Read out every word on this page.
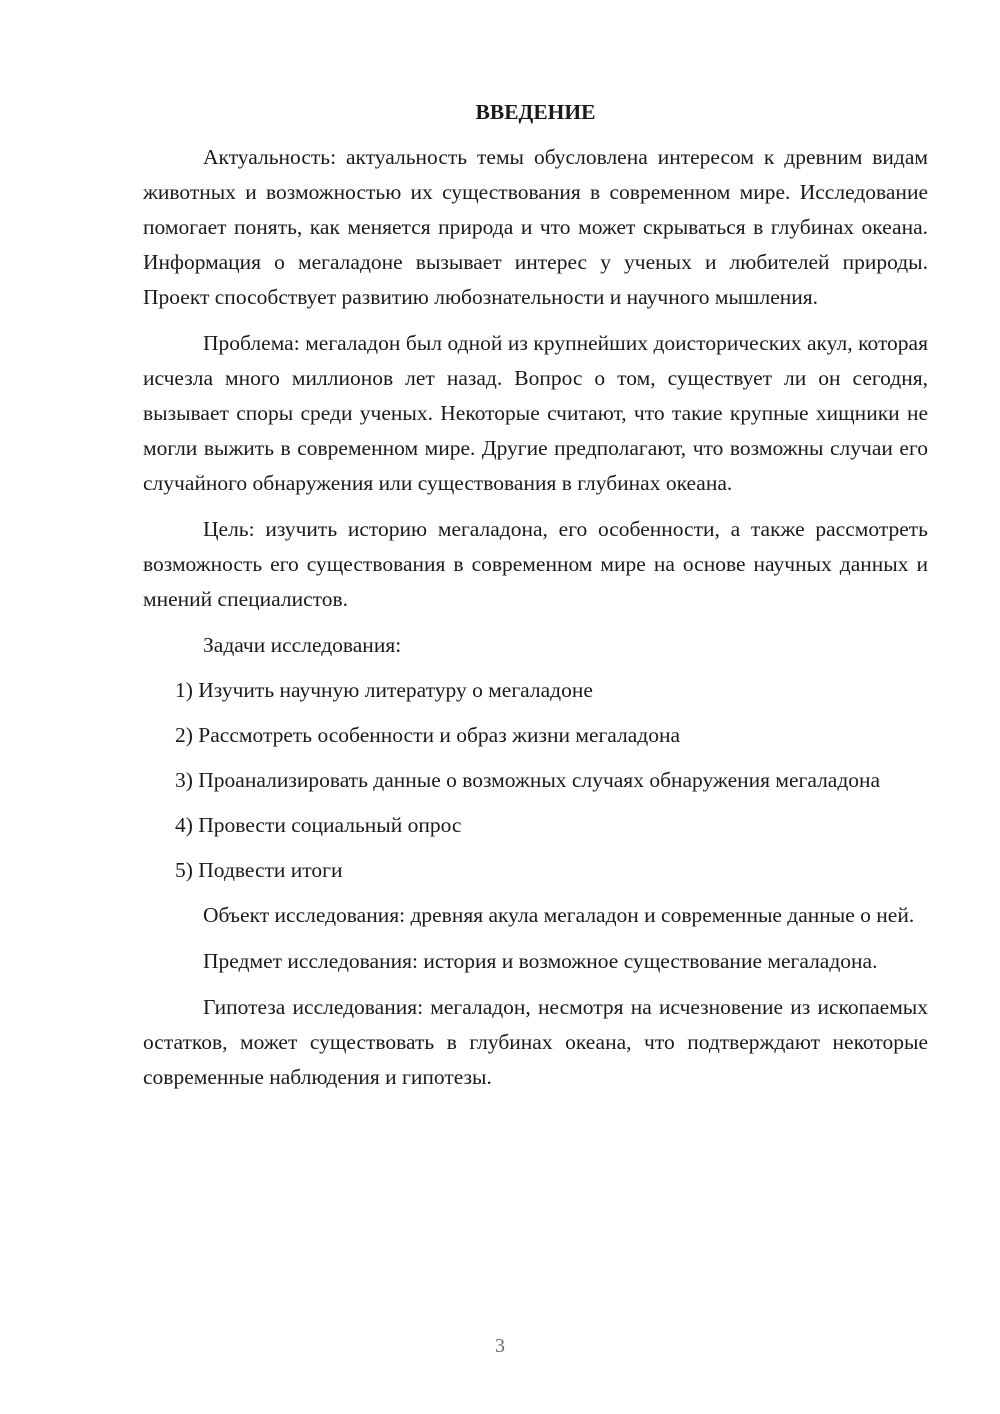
ВВЕДЕНИЕ

Актуальность: актуальность темы обусловлена интересом к древним видам животных и возможностью их существования в современном мире. Исследование помогает понять, как меняется природа и что может скрываться в глубинах океана. Информация о мегаладоне вызывает интерес у ученых и любителей природы. Проект способствует развитию любознательности и научного мышления.

Проблема: мегаладон был одной из крупнейших доисторических акул, которая исчезла много миллионов лет назад. Вопрос о том, существует ли он сегодня, вызывает споры среди ученых. Некоторые считают, что такие крупные хищники не могли выжить в современном мире. Другие предполагают, что возможны случаи его случайного обнаружения или существования в глубинах океана.

Цель: изучить историю мегаладона, его особенности, а также рассмотреть возможность его существования в современном мире на основе научных данных и мнений специалистов.

Задачи исследования:

1) Изучить научную литературу о мегаладоне

2) Рассмотреть особенности и образ жизни мегаладона

3) Проанализировать данные о возможных случаях обнаружения мегаладона

4) Провести социальный опрос

5) Подвести итоги

Объект исследования: древняя акула мегаладон и современные данные о ней.

Предмет исследования: история и возможное существование мегаладона.

Гипотеза исследования: мегаладон, несмотря на исчезновение из ископаемых остатков, может существовать в глубинах океана, что подтверждают некоторые современные наблюдения и гипотезы.

3
